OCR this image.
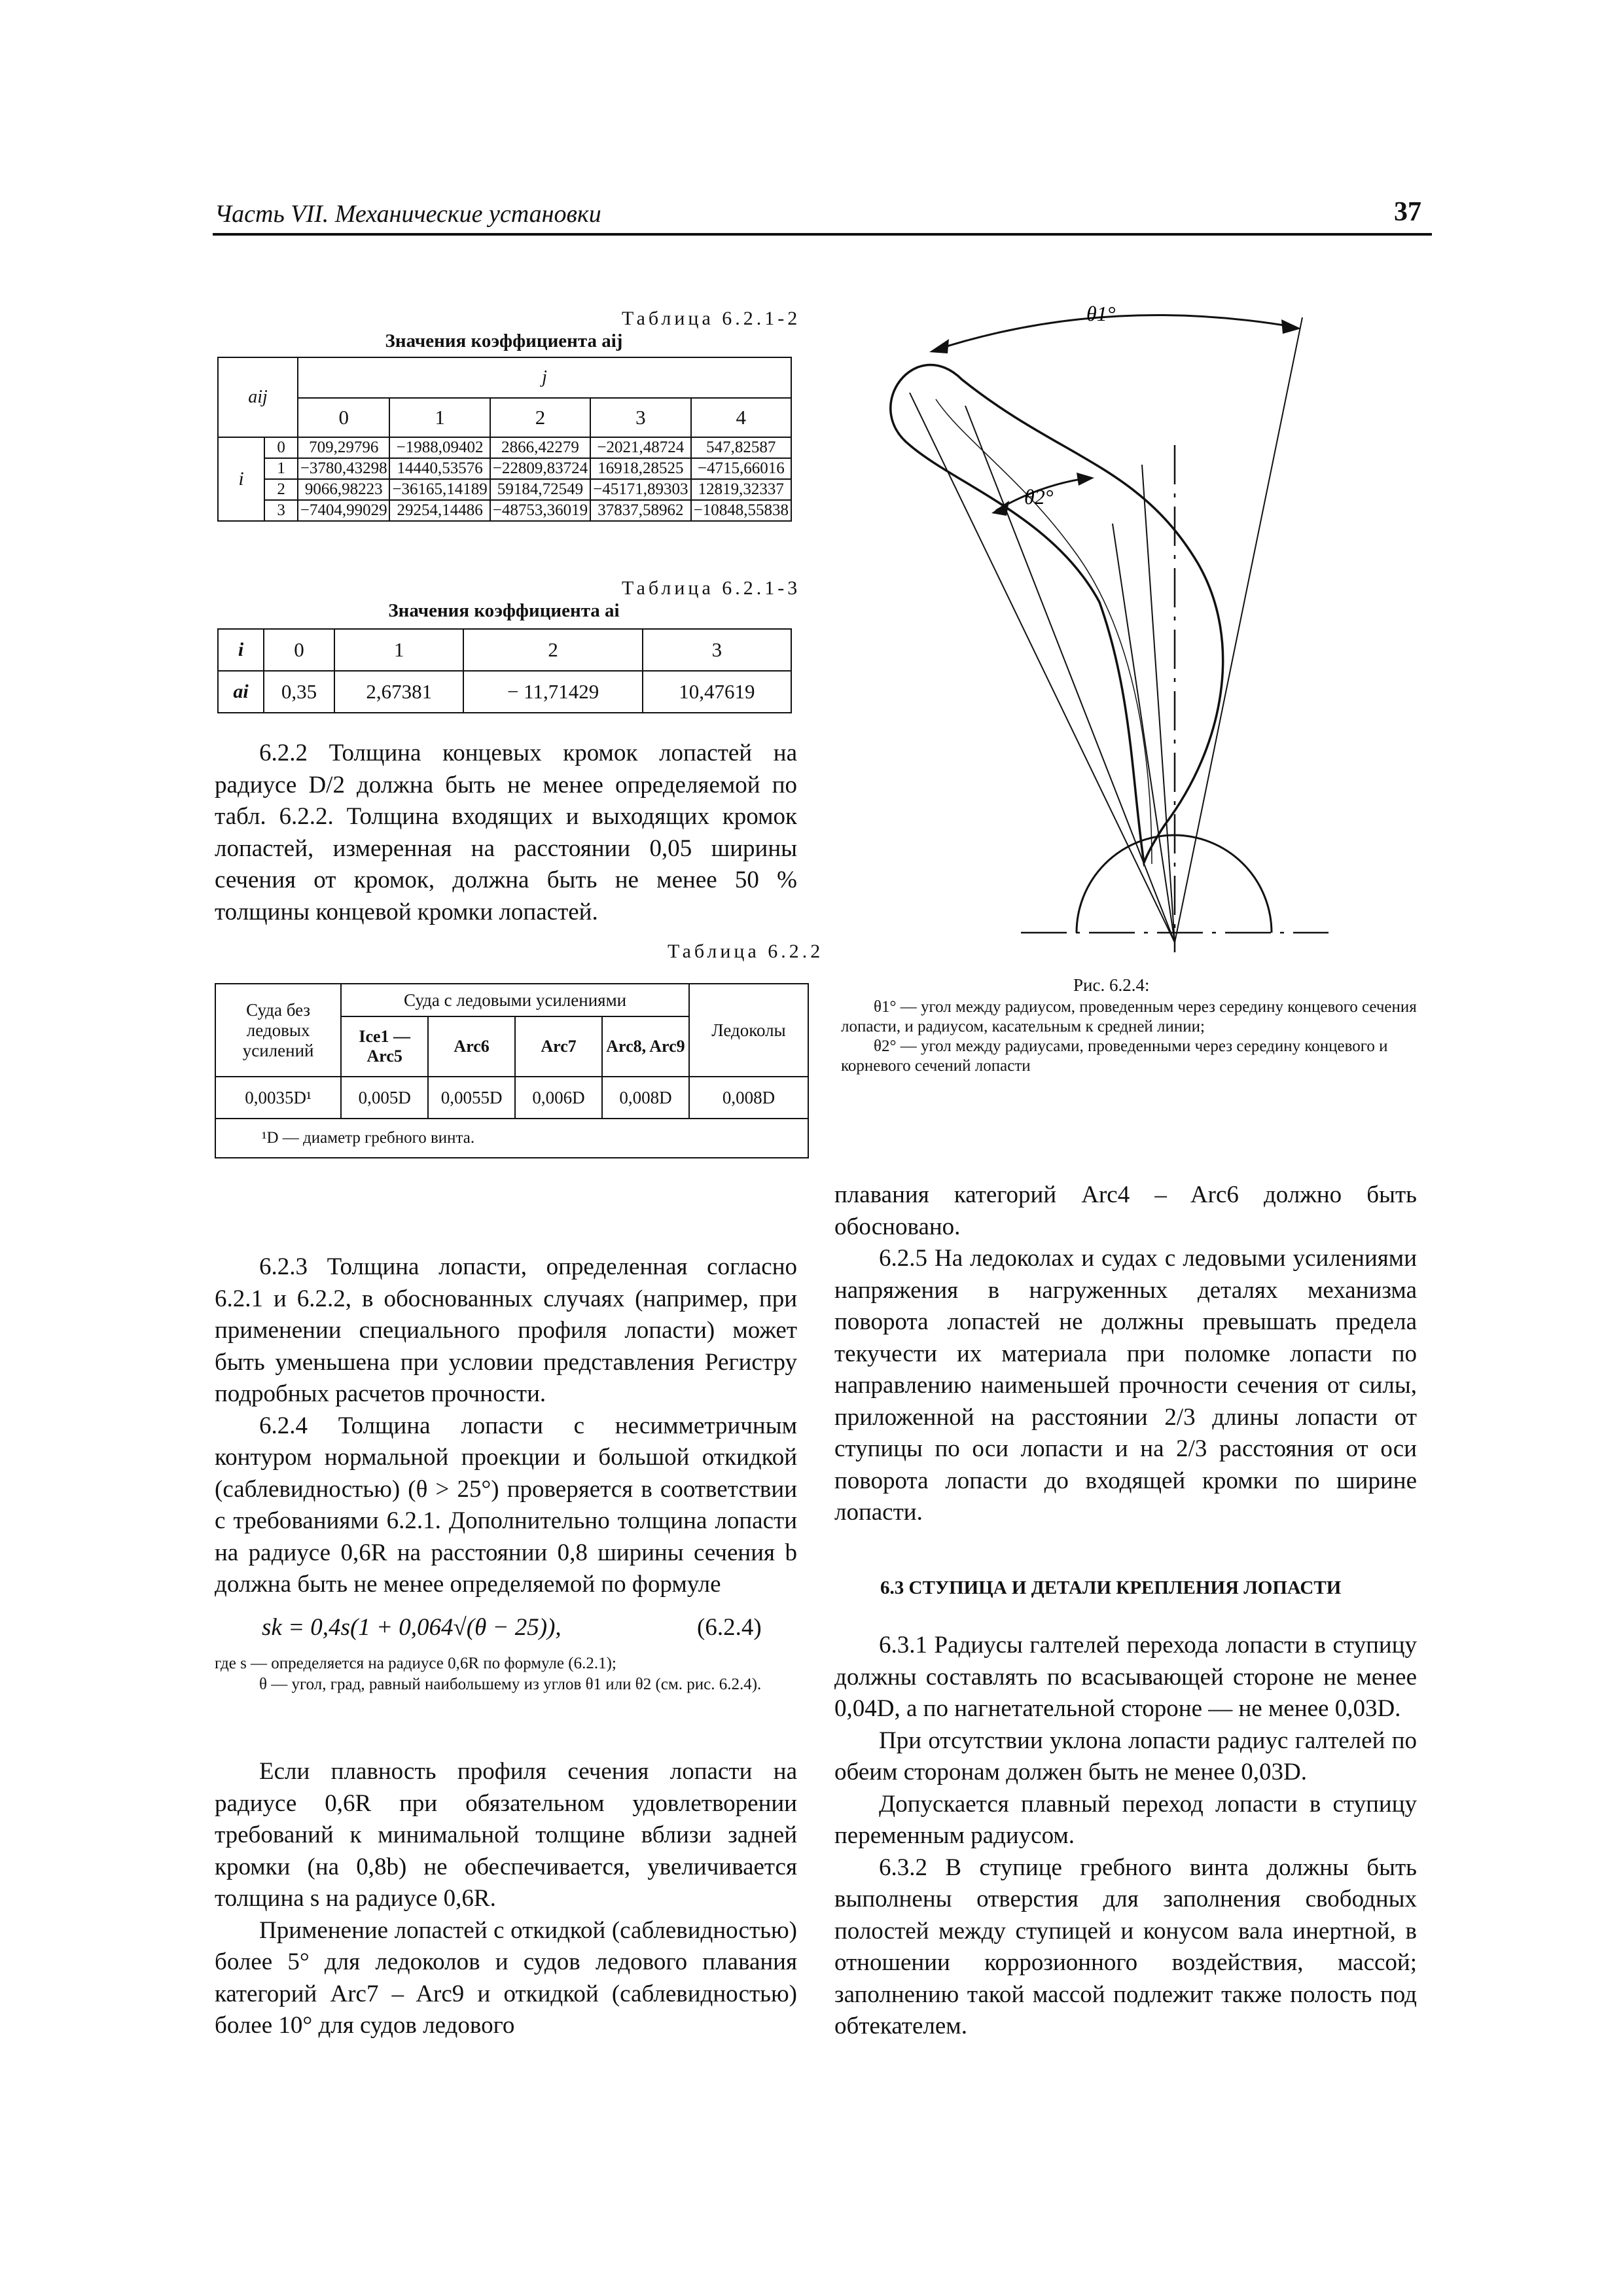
Часть VII. Механические установки	37
Таблица 6.2.1-2
Значения коэффициента aij
aij		j				
		0	1	2	3	4
i	0	709,29796	−1988,09402	2866,42279	−2021,48724	547,82587
	1	−3780,43298	14440,53576	−22809,83724	16918,28525	−4715,66016
	2	9066,98223	−36165,14189	59184,72549	−45171,89303	12819,32337
	3	−7404,99029	29254,14486	−48753,36019	37837,58962	−10848,55838
Таблица 6.2.1-3
Значения коэффициента ai
i	0	1	2	3
ai	0,35	2,67381	− 11,71429	10,47619

6.2.2 Толщина концевых кромок лопастей на радиусе D/2 должна быть не менее определяемой по табл. 6.2.2. Толщина входящих и выходящих кромок лопастей, измеренная на расстоянии 0,05 ширины сечения от кромок, должна быть не менее 50 % толщины концевой кромки лопастей.

Таблица 6.2.2
Суда без ледовых усилений	Суда с ледовыми усилениями				Ледоколы
	Ice1 — Arc5	Arc6	Arc7	Arc8, Arc9	
0,0035D¹	0,005D	0,0055D	0,006D	0,008D	0,008D
¹D — диаметр гребного винта.					

6.2.3 Толщина лопасти, определенная согласно 6.2.1 и 6.2.2, в обоснованных случаях (например, при применении специального профиля лопасти) может быть уменьшена при условии представления Регистру подробных расчетов прочности.

6.2.4 Толщина лопасти с несимметричным контуром нормальной проекции и большой откидкой (саблевидностью) (θ > 25°) проверяется в соответствии с требованиями 6.2.1. Дополнительно толщина лопасти на радиусе 0,6R на расстоянии 0,8 ширины сечения b должна быть не менее определяемой по формуле

sk = 0,4s(1 + 0,064√(θ − 25)),	(6.2.4)
где s — определяется на радиусе 0,6R по формуле (6.2.1);
θ — угол, град, равный наибольшему из углов θ1 или θ2 (см. рис. 6.2.4).

Если плавность профиля сечения лопасти на радиусе 0,6R при обязательном удовлетворении требований к минимальной толщине вблизи задней кромки (на 0,8b) не обеспечивается, увеличивается толщина s на радиусе 0,6R.

Применение лопастей с откидкой (саблевидностью) более 5° для ледоколов и судов ледового плавания категорий Arc7 – Arc9 и откидкой (саблевидностью) более 10° для судов ледового

θ1°
θ2°
Рис. 6.2.4:
θ1° — угол между радиусом, проведенным через середину концевого сечения лопасти, и радиусом, касательным к средней линии;
θ2° — угол между радиусами, проведенными через середину концевого и корневого сечений лопасти

плавания категорий Arc4 – Arc6 должно быть обосновано.

6.2.5 На ледоколах и судах с ледовыми усилениями напряжения в нагруженных деталях механизма поворота лопастей не должны превышать предела текучести их материала при поломке лопасти по направлению наименьшей прочности сечения от силы, приложенной на расстоянии 2/3 длины лопасти от ступицы по оси лопасти и на 2/3 расстояния от оси поворота лопасти до входящей кромки по ширине лопасти.

6.3 СТУПИЦА И ДЕТАЛИ КРЕПЛЕНИЯ ЛОПАСТИ

6.3.1 Радиусы галтелей перехода лопасти в ступицу должны составлять по всасывающей стороне не менее 0,04D, а по нагнетательной стороне — не менее 0,03D.

При отсутствии уклона лопасти радиус галтелей по обеим сторонам должен быть не менее 0,03D.

Допускается плавный переход лопасти в ступицу переменным радиусом.

6.3.2 В ступице гребного винта должны быть выполнены отверстия для заполнения свободных полостей между ступицей и конусом вала инертной, в отношении коррозионного воздействия, массой; заполнению такой массой подлежит также полость под обтекателем.
